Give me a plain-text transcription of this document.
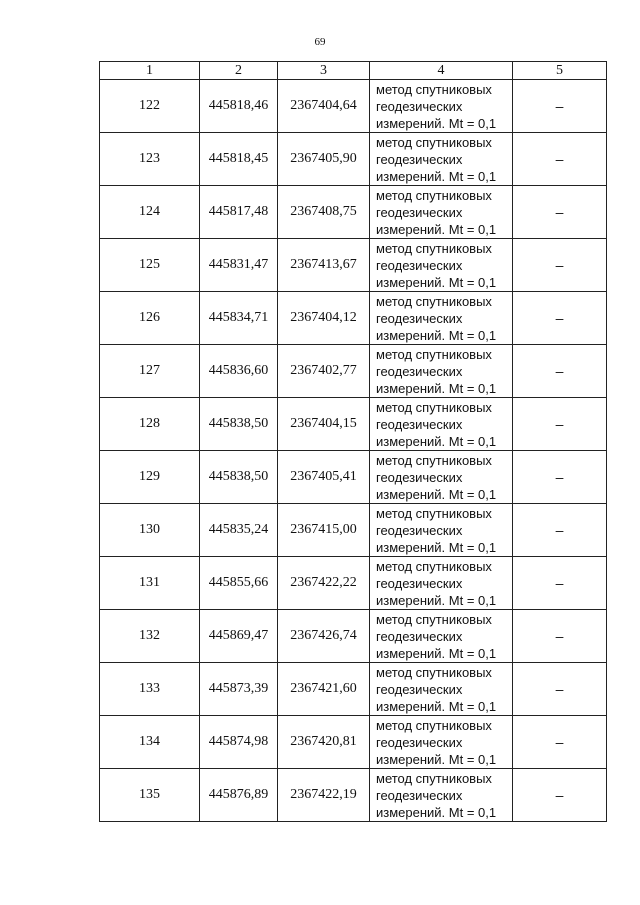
69
1	2	3	4	5
122	445818,46	2367404,64	метод спутниковых
геодезических
измерений. Mt = 0,1	–
123	445818,45	2367405,90	метод спутниковых
геодезических
измерений. Mt = 0,1	–
124	445817,48	2367408,75	метод спутниковых
геодезических
измерений. Mt = 0,1	–
125	445831,47	2367413,67	метод спутниковых
геодезических
измерений. Mt = 0,1	–
126	445834,71	2367404,12	метод спутниковых
геодезических
измерений. Mt = 0,1	–
127	445836,60	2367402,77	метод спутниковых
геодезических
измерений. Mt = 0,1	–
128	445838,50	2367404,15	метод спутниковых
геодезических
измерений. Mt = 0,1	–
129	445838,50	2367405,41	метод спутниковых
геодезических
измерений. Mt = 0,1	–
130	445835,24	2367415,00	метод спутниковых
геодезических
измерений. Mt = 0,1	–
131	445855,66	2367422,22	метод спутниковых
геодезических
измерений. Mt = 0,1	–
132	445869,47	2367426,74	метод спутниковых
геодезических
измерений. Mt = 0,1	–
133	445873,39	2367421,60	метод спутниковых
геодезических
измерений. Mt = 0,1	–
134	445874,98	2367420,81	метод спутниковых
геодезических
измерений. Mt = 0,1	–
135	445876,89	2367422,19	метод спутниковых
геодезических
измерений. Mt = 0,1	–
